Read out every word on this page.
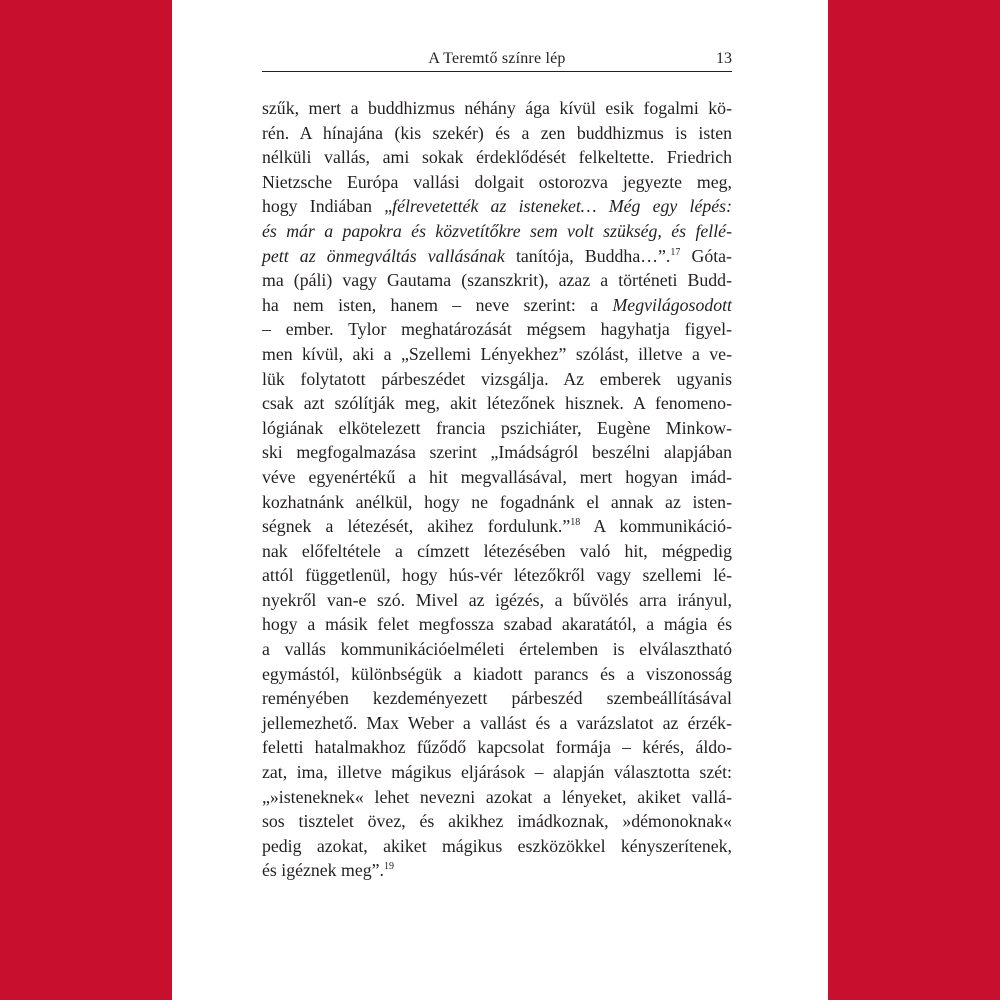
A Teremtő színre lép	13
szűk, mert a buddhizmus néhány ága kívül esik fogalmi kö-
rén. A hínajána (kis szekér) és a zen buddhizmus is isten
nélküli vallás, ami sokak érdeklődését felkeltette. Friedrich
Nietzsche Európa vallási dolgait ostorozva jegyezte meg,
hogy Indiában „félrevetették az isteneket… Még egy lépés:
és már a papokra és közvetítőkre sem volt szükség, és fellé-
pett az önmegváltás vallásának tanítója, Buddha…”.$^{17}$ Góta-
ma (páli) vagy Gautama (szanszkrit), azaz a történeti Budd-
ha nem isten, hanem – neve szerint: a Megvilágosodott
– ember. Tylor meghatározását mégsem hagyhatja figyel-
men kívül, aki a „Szellemi Lényekhez” szólást, illetve a ve-
lük folytatott párbeszédet vizsgálja. Az emberek ugyanis
csak azt szólítják meg, akit létezőnek hisznek. A fenomeno-
lógiának elkötelezett francia pszichiáter, Eugène Minkow-
ski megfogalmazása szerint „Imádságról beszélni alapjában
véve egyenértékű a hit megvallásával, mert hogyan imád-
kozhatnánk anélkül, hogy ne fogadnánk el annak az isten-
ségnek a létezését, akihez fordulunk.”$^{18}$ A kommunikáció-
nak előfeltétele a címzett létezésében való hit, mégpedig
attól függetlenül, hogy hús-vér létezőkről vagy szellemi lé-
nyekről van-e szó. Mivel az igézés, a bűvölés arra irányul,
hogy a másik felet megfossza szabad akaratától, a mágia és
a vallás kommunikációelméleti értelemben is elválasztható
egymástól, különbségük a kiadott parancs és a viszonosság
reményében kezdeményezett párbeszéd szembeállításával
jellemezhető. Max Weber a vallást és a varázslatot az érzék-
feletti hatalmakhoz fűződő kapcsolat formája – kérés, áldo-
zat, ima, illetve mágikus eljárások – alapján választotta szét:
„»isteneknek« lehet nevezni azokat a lényeket, akiket vallá-
sos tisztelet övez, és akikhez imádkoznak, »démonoknak«
pedig azokat, akiket mágikus eszközökkel kényszerítenek,
és igéznek meg”.$^{19}$
